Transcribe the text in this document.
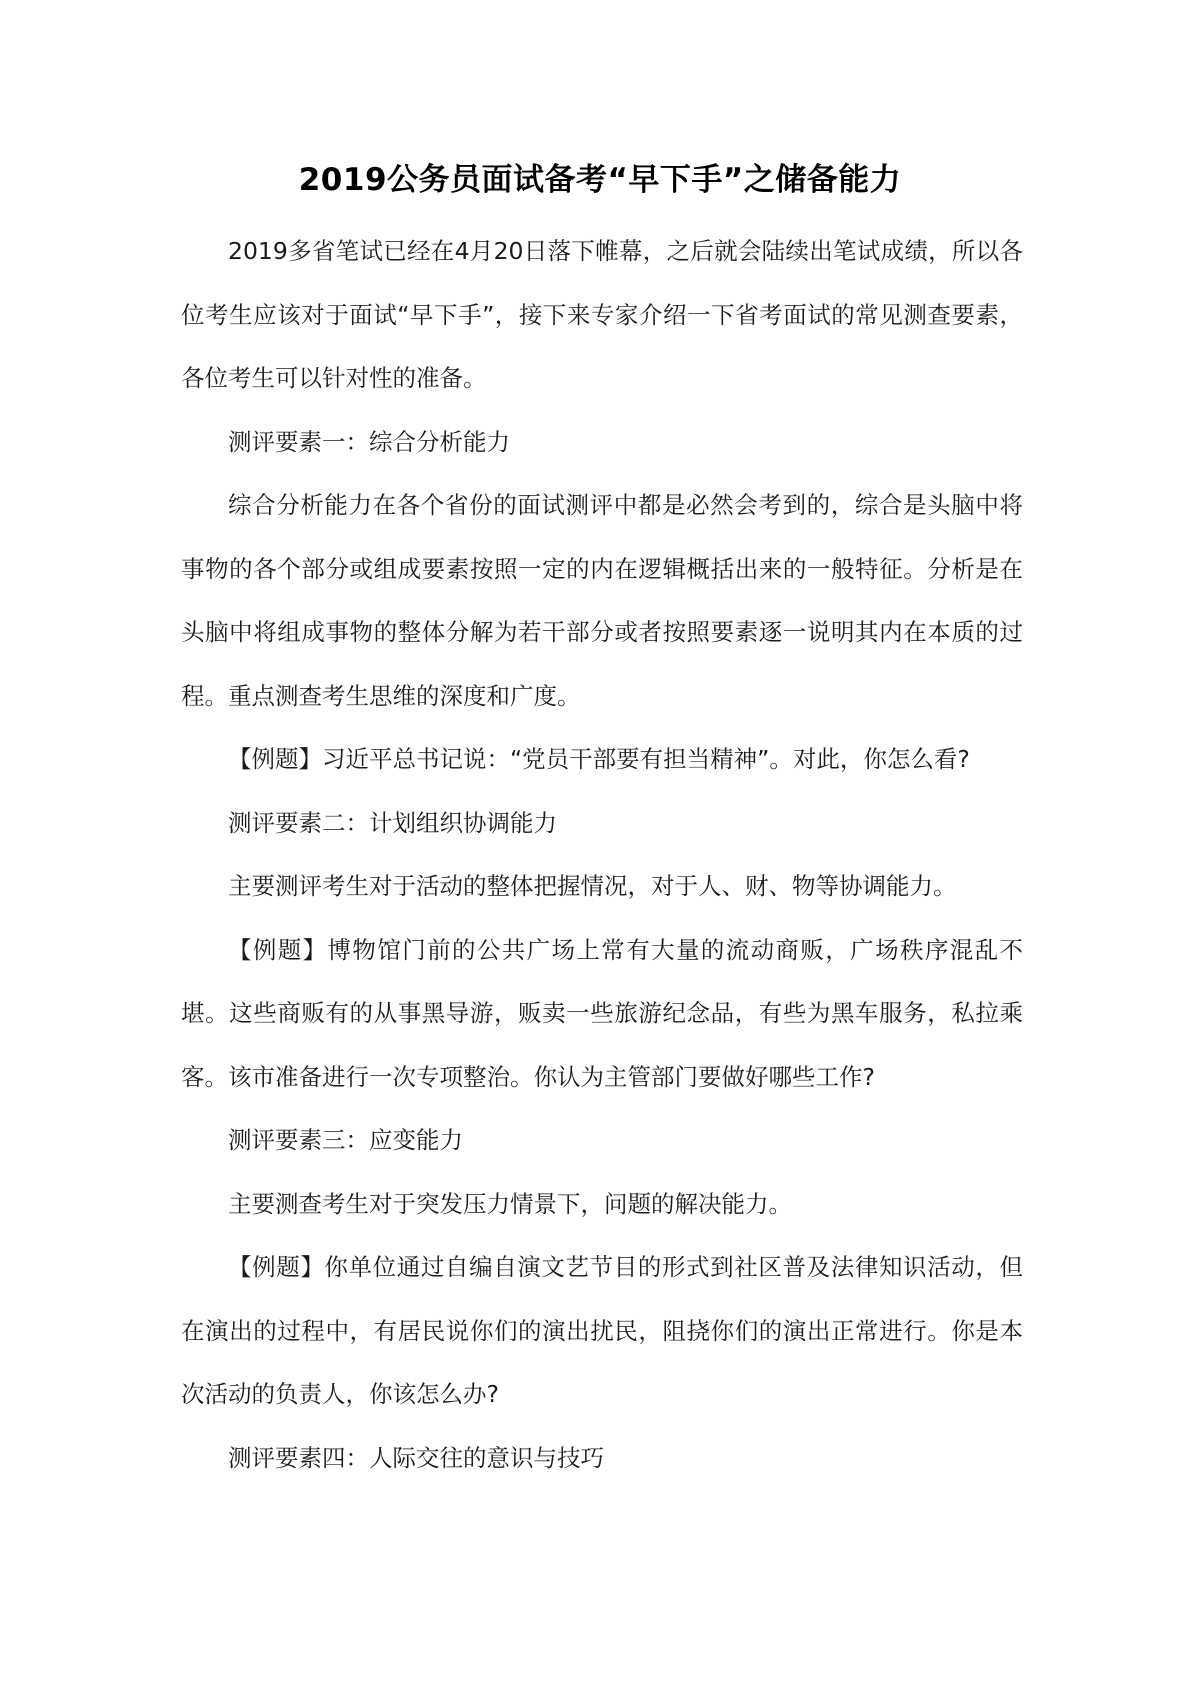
2019公务员面试备考“早下手”之储备能力

2019多省笔试已经在4月20日落下帷幕，之后就会陆续出笔试成绩，所以各位考生应该对于面试“早下手”，接下来专家介绍一下省考面试的常见测查要素，各位考生可以针对性的准备。

测评要素一：综合分析能力

综合分析能力在各个省份的面试测评中都是必然会考到的，综合是头脑中将事物的各个部分或组成要素按照一定的内在逻辑概括出来的一般特征。分析是在头脑中将组成事物的整体分解为若干部分或者按照要素逐一说明其内在本质的过程。重点测查考生思维的深度和广度。

【例题】习近平总书记说：“党员干部要有担当精神”。对此，你怎么看?

测评要素二：计划组织协调能力

主要测评考生对于活动的整体把握情况，对于人、财、物等协调能力。

【例题】博物馆门前的公共广场上常有大量的流动商贩，广场秩序混乱不堪。这些商贩有的从事黑导游，贩卖一些旅游纪念品，有些为黑车服务，私拉乘客。该市准备进行一次专项整治。你认为主管部门要做好哪些工作?

测评要素三：应变能力

主要测查考生对于突发压力情景下，问题的解决能力。

【例题】你单位通过自编自演文艺节目的形式到社区普及法律知识活动，但在演出的过程中，有居民说你们的演出扰民，阻挠你们的演出正常进行。你是本次活动的负责人，你该怎么办?

测评要素四：人际交往的意识与技巧
